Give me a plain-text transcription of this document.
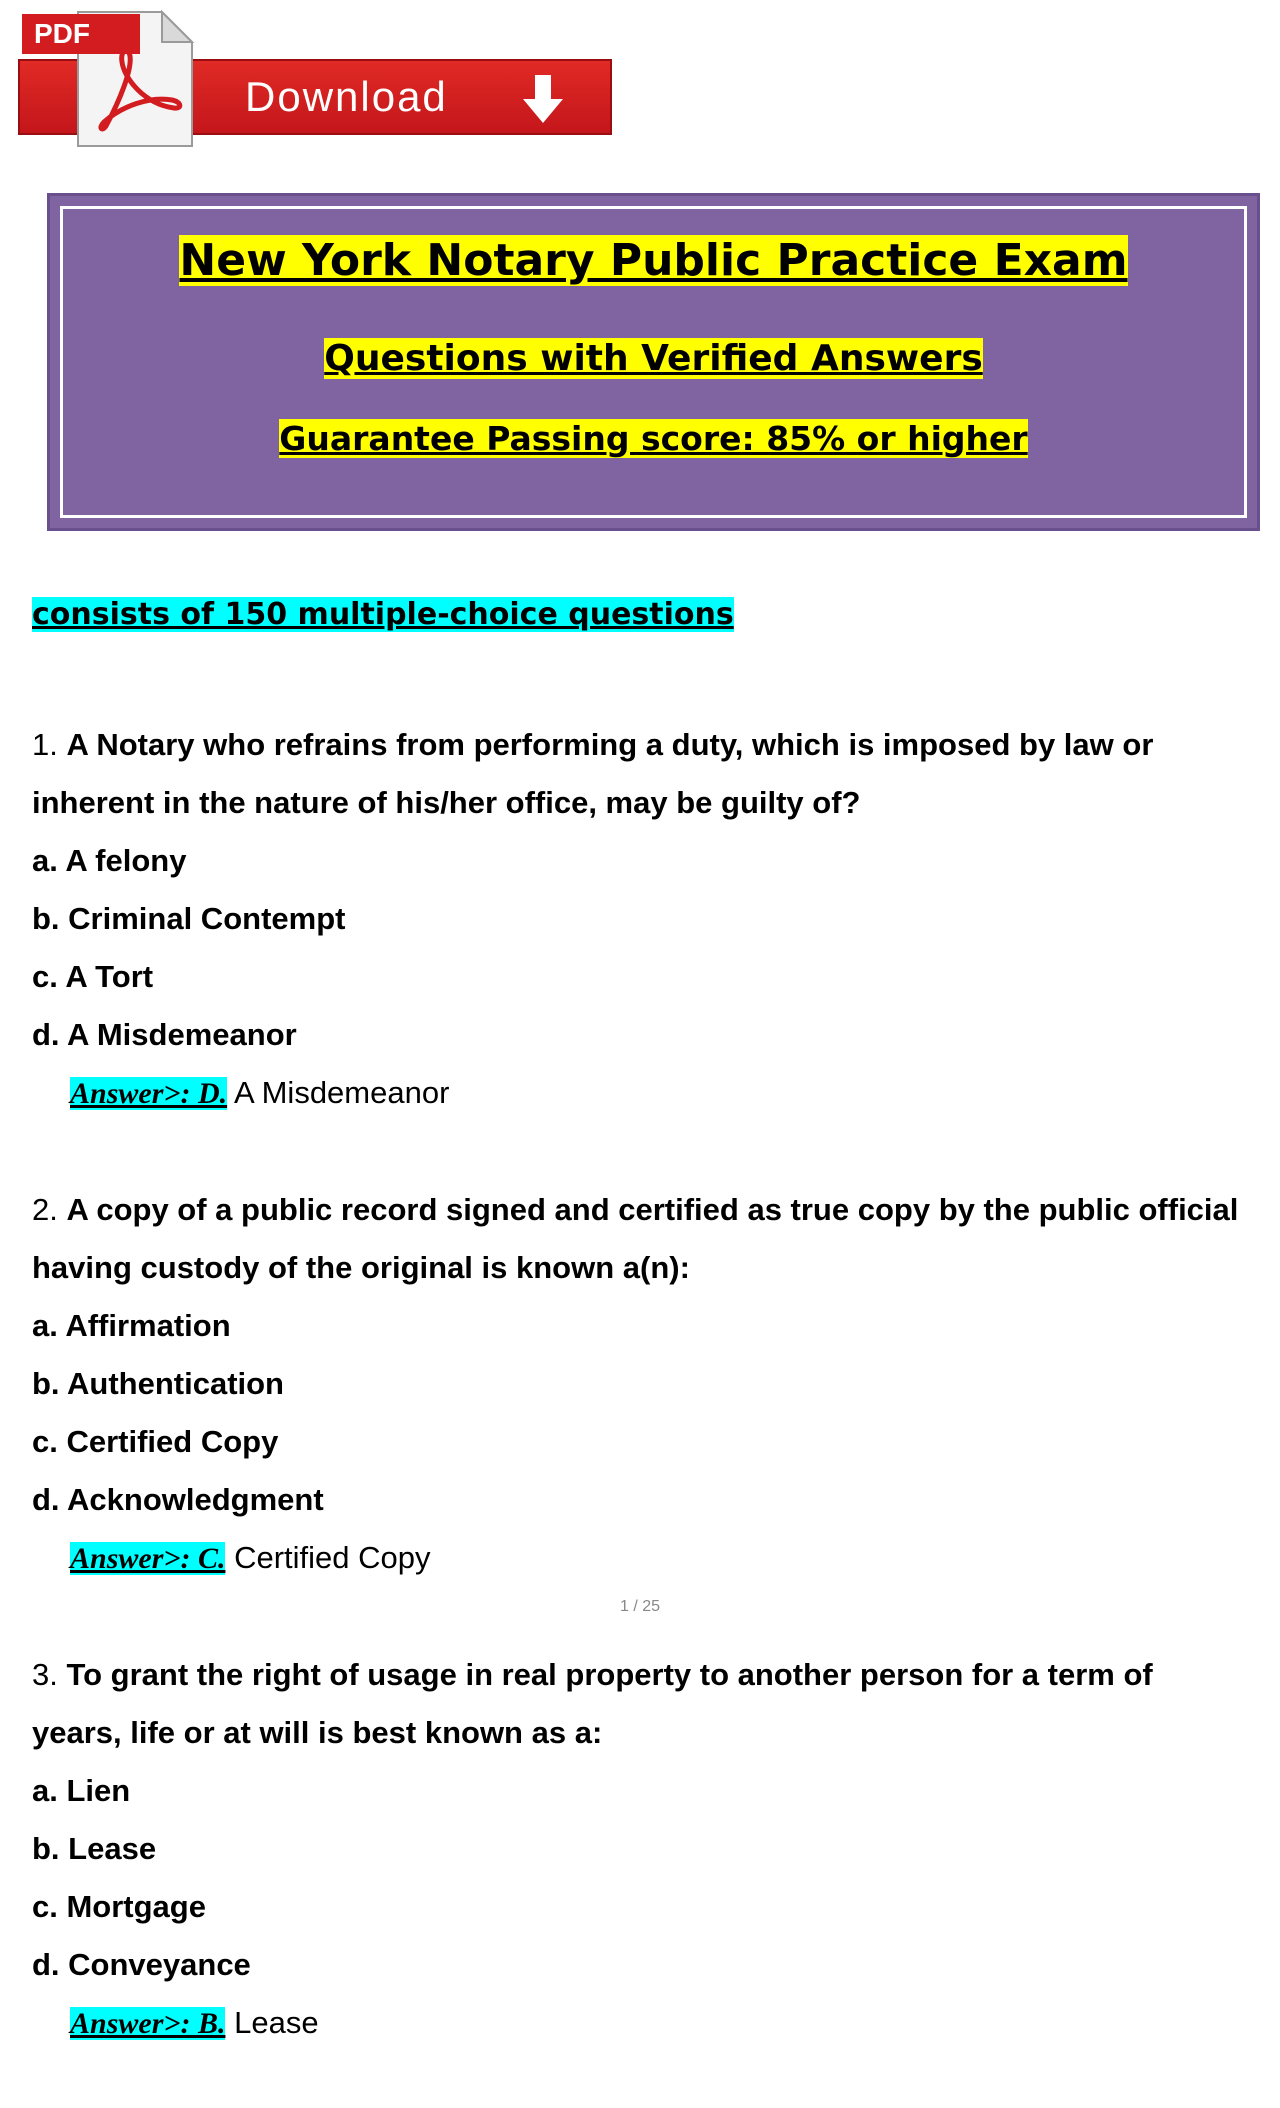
Download
PDF
New York Notary Public Practice Exam
Questions with Verified Answers
Guarantee Passing score: 85% or higher
consists of 150 multiple-choice questions
1. A Notary who refrains from performing a duty, which is imposed by law or inherent in the nature of his/her office, may be guilty of?
a. A felony
b. Criminal Contempt
c. A Tort
d. A Misdemeanor
Answer>: D. A Misdemeanor
2. A copy of a public record signed and certified as true copy by the public official having custody of the original is known a(n):
a. Affirmation
b. Authentication
c. Certified Copy
d. Acknowledgment
Answer>: C. Certified Copy
1 / 25
3. To grant the right of usage in real property to another person for a term of years, life or at will is best known as a:
a. Lien
b. Lease
c. Mortgage
d. Conveyance
Answer>: B. Lease
